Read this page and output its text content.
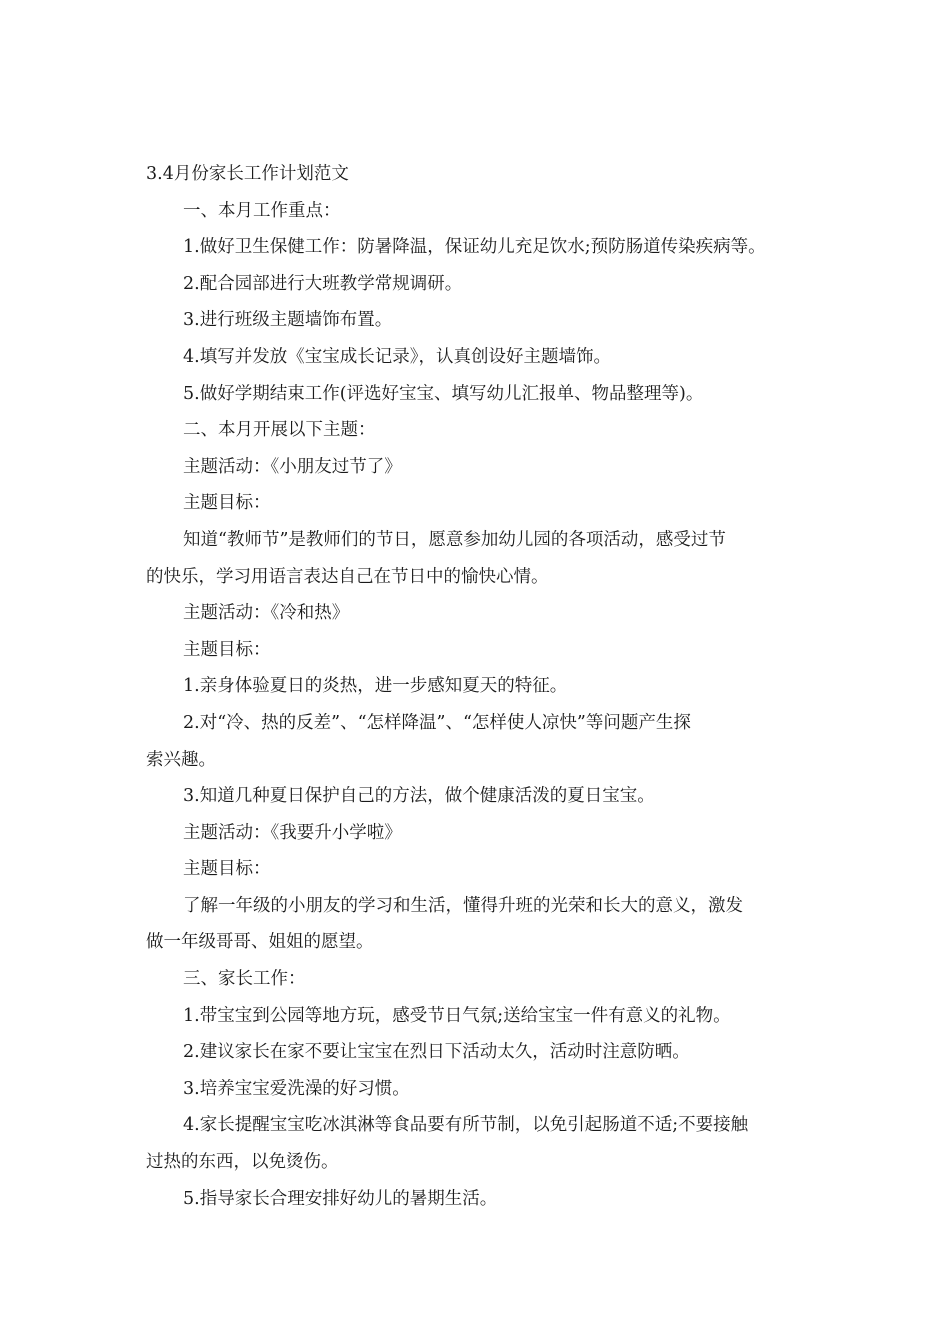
3.4月份家长工作计划范文

一、本月工作重点：

1.做好卫生保健工作：防暑降温，保证幼儿充足饮水;预防肠道传染疾病等。

2.配合园部进行大班教学常规调研。

3.进行班级主题墙饰布置。

4.填写并发放《宝宝成长记录》，认真创设好主题墙饰。

5.做好学期结束工作(评选好宝宝、填写幼儿汇报单、物品整理等)。

二、本月开展以下主题：

主题活动：《小朋友过节了》

主题目标：

知道“教师节”是教师们的节日，愿意参加幼儿园的各项活动，感受过节

的快乐，学习用语言表达自己在节日中的愉快心情。

主题活动：《冷和热》

主题目标：

1.亲身体验夏日的炎热，进一步感知夏天的特征。

2.对“冷、热的反差”、“怎样降温”、“怎样使人凉快”等问题产生探

索兴趣。

3.知道几种夏日保护自己的方法，做个健康活泼的夏日宝宝。

主题活动：《我要升小学啦》

主题目标：

了解一年级的小朋友的学习和生活，懂得升班的光荣和长大的意义，激发

做一年级哥哥、姐姐的愿望。

三、家长工作：

1.带宝宝到公园等地方玩，感受节日气氛;送给宝宝一件有意义的礼物。

2.建议家长在家不要让宝宝在烈日下活动太久，活动时注意防晒。

3.培养宝宝爱洗澡的好习惯。

4.家长提醒宝宝吃冰淇淋等食品要有所节制，以免引起肠道不适;不要接触

过热的东西，以免烫伤。

5.指导家长合理安排好幼儿的暑期生活。
